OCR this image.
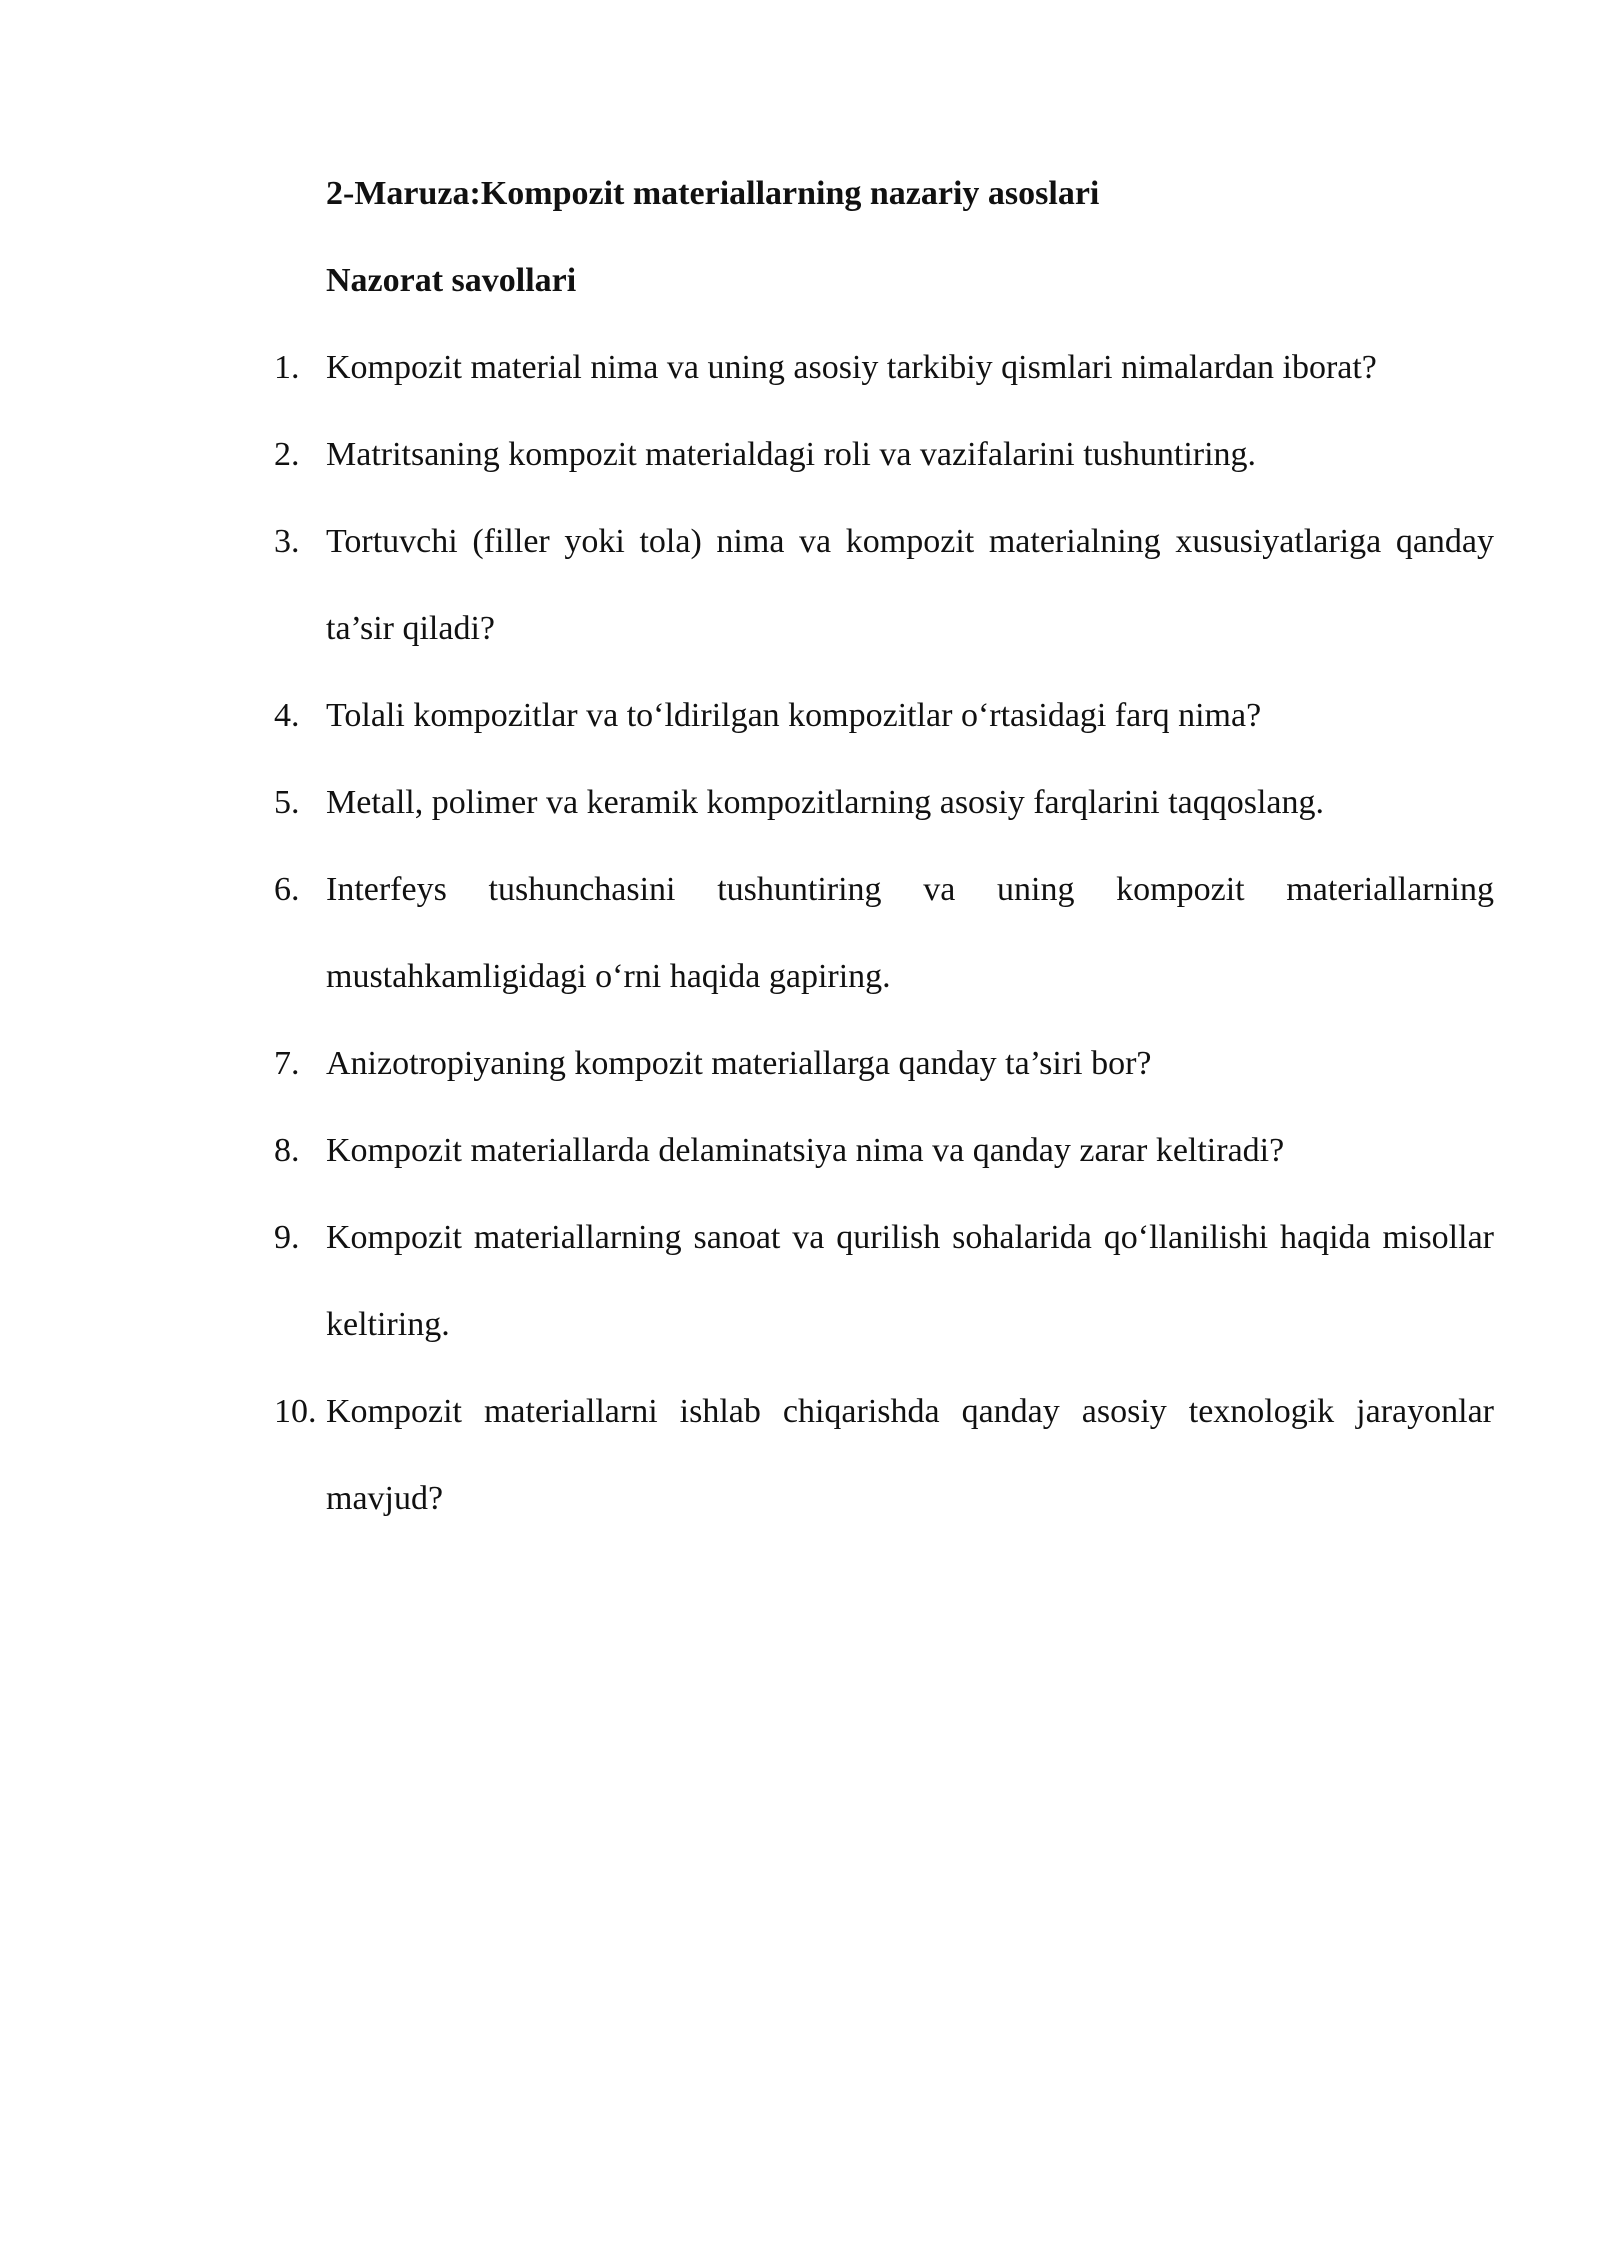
2-Maruza:Kompozit materiallarning nazariy asoslari
Nazorat savollari
1. Kompozit material nima va uning asosiy tarkibiy qismlari nimalardan iborat?
2. Matritsaning kompozit materialdagi roli va vazifalarini tushuntiring.
3. Tortuvchi (filler yoki tola) nima va kompozit materialning xususiyatlariga qanday ta’sir qiladi?
4. Tolali kompozitlar va to‘ldirilgan kompozitlar o‘rtasidagi farq nima?
5. Metall, polimer va keramik kompozitlarning asosiy farqlarini taqqoslang.
6. Interfeys tushunchasini tushuntiring va uning kompozit materiallarning mustahkamligidagi o‘rni haqida gapiring.
7. Anizotropiyaning kompozit materiallarga qanday ta’siri bor?
8. Kompozit materiallarda delaminatsiya nima va qanday zarar keltiradi?
9. Kompozit materiallarning sanoat va qurilish sohalarida qo‘llanilishi haqida misollar keltiring.
10. Kompozit materiallarni ishlab chiqarishda qanday asosiy texnologik jarayonlar mavjud?
